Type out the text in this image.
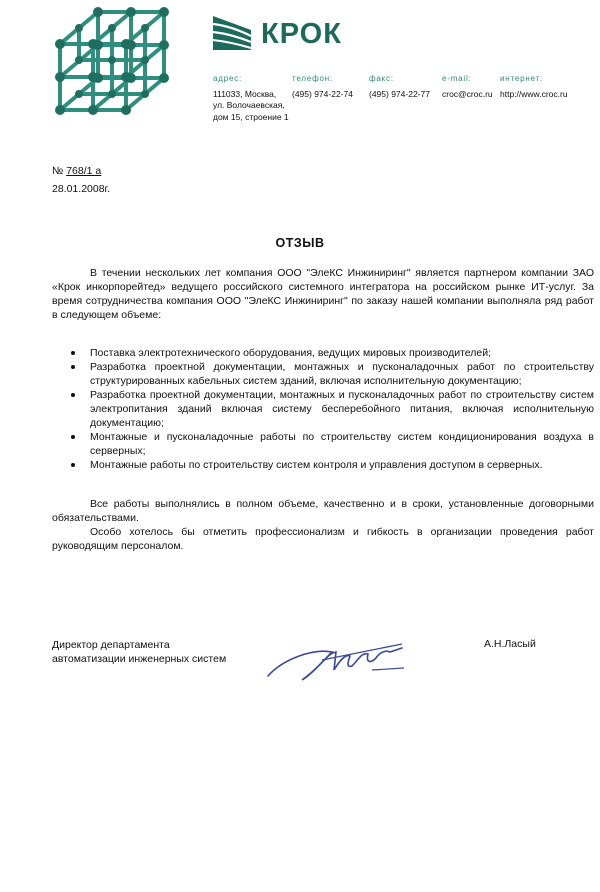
КРОК
адрес:
111033, Москва,
ул. Волочаевская,
дом 15, строение 1
телефон:
(495) 974-22-74
факс:
(495) 974-22-77
e-mail:
croc@croc.ru
интернет:
http://www.croc.ru
№ 768/1 а
28.01.2008г.
ОТЗЫВ

В течении нескольких лет компания ООО "ЭлеКС Инжиниринг" является партнером компании ЗАО «Крок инкорпорейтед» ведущего российского системного интегратора на российском рынке ИТ-услуг. За время сотрудничества компания ООО "ЭлеКС Инжиниринг" по заказу нашей компании выполняла ряд работ в следующем объеме:

Поставка электротехнического оборудования, ведущих мировых производителей;
Разработка проектной документации, монтажных и пусконаладочных работ по строительству структурированных кабельных систем зданий, включая исполнительную документацию;
Разработка проектной документации, монтажных и пусконаладочных работ по строительству систем электропитания зданий включая систему бесперебойного питания, включая исполнительную документацию;
Монтажные и пусконаладочные работы по строительству систем кондиционирования воздуха в серверных;
Монтажные работы по строительству систем контроля и управления доступом в серверных.

Все работы выполнялись в полном объеме, качественно и в сроки, установленные договорными обязательствами.

Особо хотелось бы отметить профессионализм и гибкость в организации проведения работ руководящим персоналом.

Директор департамента
автоматизации инженерных систем
А.Н.Ласый
